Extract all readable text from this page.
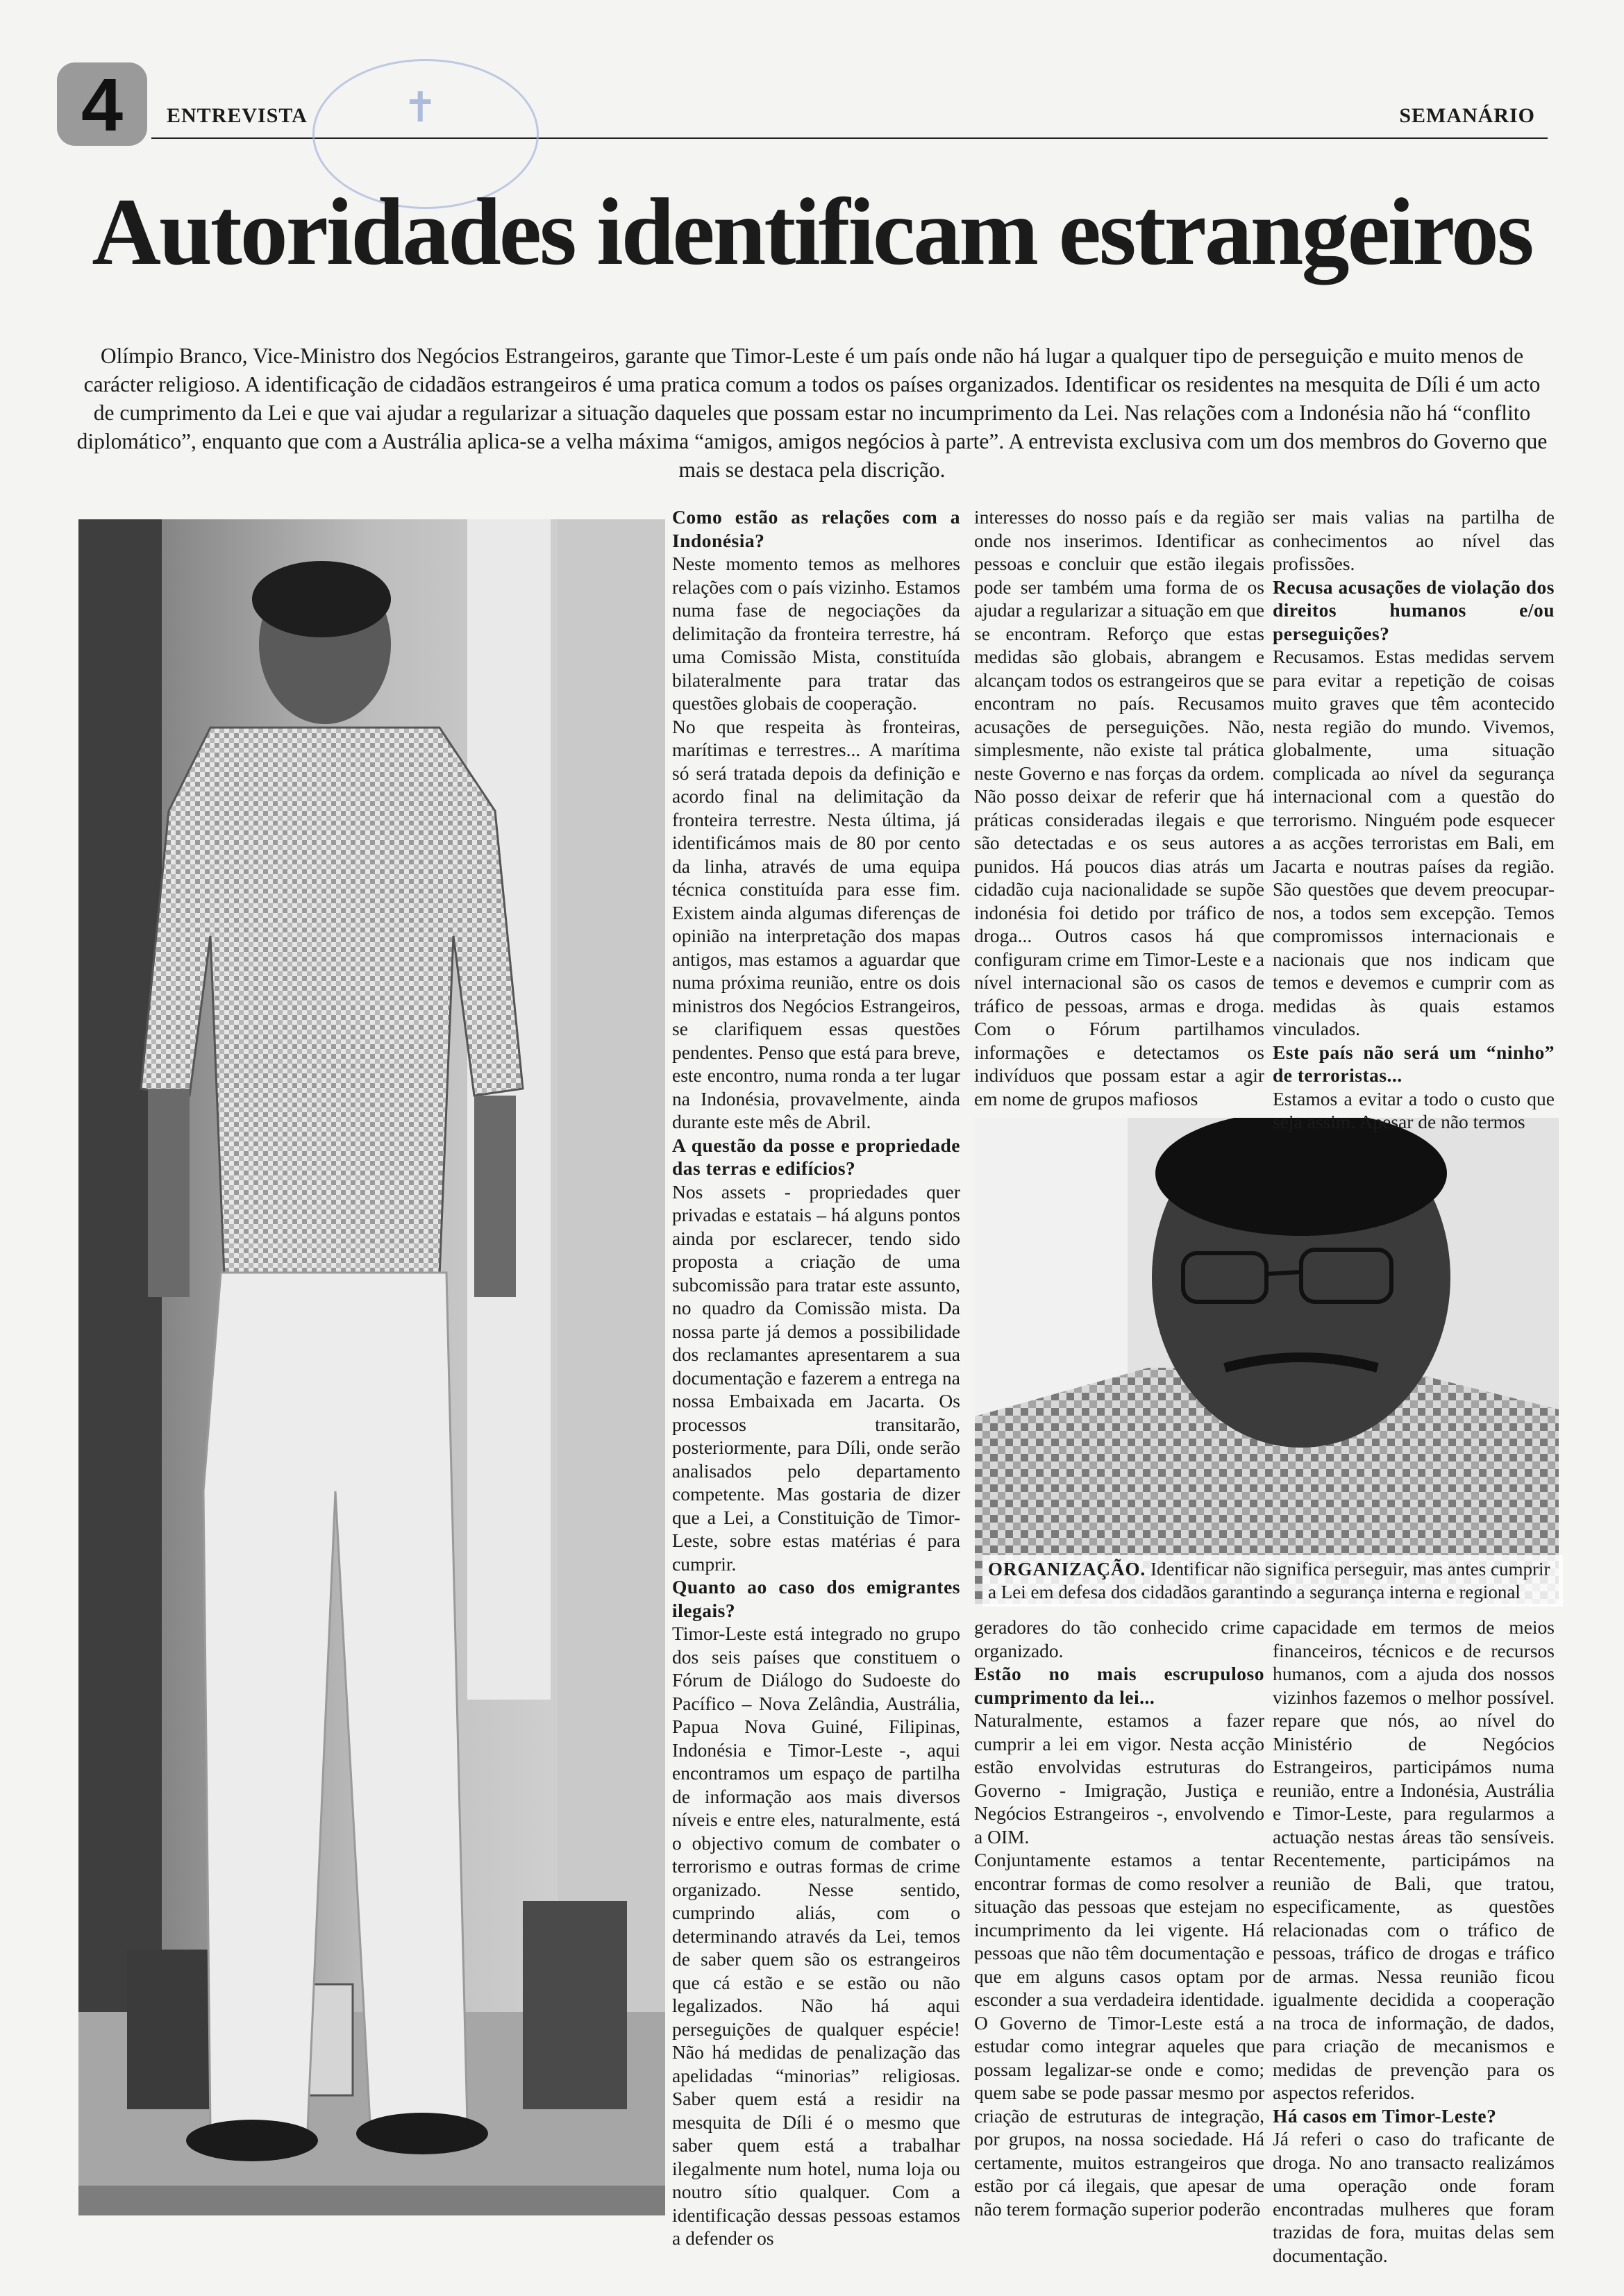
4 ENTREVISTA	SEMANÁRIO
✝
Autoridades identificam estrangeiros
Olímpio Branco, Vice-Ministro dos Negócios Estrangeiros, garante que Timor-Leste é um país onde não há lugar a qualquer tipo de perseguição e muito menos de carácter religioso. A identificação de cidadãos estrangeiros é uma pratica comum a todos os países organizados. Identificar os residentes na mesquita de Díli é um acto de cumprimento da Lei e que vai ajudar a regularizar a situação daqueles que possam estar no incumprimento da Lei. Nas relações com a Indonésia não há “conflito diplomático”, enquanto que com a Austrália aplica-se a velha máxima “amigos, amigos negócios à parte”. A entrevista exclusiva com um dos membros do Governo que mais se destaca pela discrição.
ORGANIZAÇÃO. Identificar não significa perseguir, mas antes cumprir a Lei em defesa dos cidadãos garantindo a segurança interna e regional

Como estão as relações com a Indonésia?

Neste momento temos as melhores relações com o país vizinho. Estamos numa fase de negociações da delimitação da fronteira terrestre, há uma Comissão Mista, constituída bilateralmente para tratar das questões globais de cooperação.

No que respeita às fronteiras, marítimas e terrestres... A marítima só será tratada depois da definição e acordo final na delimitação da fronteira terrestre. Nesta última, já identificámos mais de 80 por cento da linha, através de uma equipa técnica constituída para esse fim. Existem ainda algumas diferenças de opinião na interpretação dos mapas antigos, mas estamos a aguardar que numa próxima reunião, entre os dois ministros dos Negócios Estrangeiros, se clarifiquem essas questões pendentes. Penso que está para breve, este encontro, numa ronda a ter lugar na Indonésia, provavelmente, ainda durante este mês de Abril.

A questão da posse e propriedade das terras e edifícios?

Nos assets - propriedades quer privadas e estatais – há alguns pontos ainda por esclarecer, tendo sido proposta a criação de uma subcomissão para tratar este assunto, no quadro da Comissão mista. Da nossa parte já demos a possibilidade dos reclamantes apresentarem a sua documentação e fazerem a entrega na nossa Embaixada em Jacarta. Os processos transitarão, posteriormente, para Díli, onde serão analisados pelo departamento competente. Mas gostaria de dizer que a Lei, a Constituição de Timor-Leste, sobre estas matérias é para cumprir.

Quanto ao caso dos emigrantes ilegais?

Timor-Leste está integrado no grupo dos seis países que constituem o Fórum de Diálogo do Sudoeste do Pacífico – Nova Zelândia, Austrália, Papua Nova Guiné, Filipinas, Indonésia e Timor-Leste -, aqui encontramos um espaço de partilha de informação aos mais diversos níveis e entre eles, naturalmente, está o objectivo comum de combater o terrorismo e outras formas de crime organizado. Nesse sentido, cumprindo aliás, com o determinando através da Lei, temos de saber quem são os estrangeiros que cá estão e se estão ou não legalizados. Não há aqui perseguições de qualquer espécie! Não há medidas de penalização das apelidadas “minorias” religiosas. Saber quem está a residir na mesquita de Díli é o mesmo que saber quem está a trabalhar ilegalmente num hotel, numa loja ou noutro sítio qualquer. Com a identificação dessas pessoas estamos a defender os

interesses do nosso país e da região onde nos inserimos. Identificar as pessoas e concluir que estão ilegais pode ser também uma forma de os ajudar a regularizar a situação em que se encontram. Reforço que estas medidas são globais, abrangem e alcançam todos os estrangeiros que se encontram no país. Recusamos acusações de perseguições. Não, simplesmente, não existe tal prática neste Governo e nas forças da ordem. Não posso deixar de referir que há práticas consideradas ilegais e que são detectadas e os seus autores punidos. Há poucos dias atrás um cidadão cuja nacionalidade se supõe indonésia foi detido por tráfico de droga... Outros casos há que configuram crime em Timor-Leste e a nível internacional são os casos de tráfico de pessoas, armas e droga. Com o Fórum partilhamos informações e detectamos os indivíduos que possam estar a agir em nome de grupos mafiosos

ser mais valias na partilha de conhecimentos ao nível das profissões.

Recusa acusações de violação dos direitos humanos e/ou perseguições?

Recusamos. Estas medidas servem para evitar a repetição de coisas muito graves que têm acontecido nesta região do mundo. Vivemos, globalmente, uma situação complicada ao nível da segurança internacional com a questão do terrorismo. Ninguém pode esquecer a as acções terroristas em Bali, em Jacarta e noutras países da região. São questões que devem preocupar-nos, a todos sem excepção. Temos compromissos internacionais e nacionais que nos indicam que temos e devemos e cumprir com as medidas às quais estamos vinculados.

Este país não será um “ninho” de terroristas...

Estamos a evitar a todo o custo que seja assim. Apesar de não termos

geradores do tão conhecido crime organizado.

Estão no mais escrupuloso cumprimento da lei...

Naturalmente, estamos a fazer cumprir a lei em vigor. Nesta acção estão envolvidas estruturas do Governo - Imigração, Justiça e Negócios Estrangeiros -, envolvendo a OIM.

Conjuntamente estamos a tentar encontrar formas de como resolver a situação das pessoas que estejam no incumprimento da lei vigente. Há pessoas que não têm documentação e que em alguns casos optam por esconder a sua verdadeira identidade. O Governo de Timor-Leste está a estudar como integrar aqueles que possam legalizar-se onde e como; quem sabe se pode passar mesmo por criação de estruturas de integração, por grupos, na nossa sociedade. Há certamente, muitos estrangeiros que estão por cá ilegais, que apesar de não terem formação superior poderão

capacidade em termos de meios financeiros, técnicos e de recursos humanos, com a ajuda dos nossos vizinhos fazemos o melhor possível. repare que nós, ao nível do Ministério de Negócios Estrangeiros, participámos numa reunião, entre a Indonésia, Austrália e Timor-Leste, para regularmos a actuação nestas áreas tão sensíveis. Recentemente, participámos na reunião de Bali, que tratou, especificamente, as questões relacionadas com o tráfico de pessoas, tráfico de drogas e tráfico de armas. Nessa reunião ficou igualmente decidida a cooperação na troca de informação, de dados, para criação de mecanismos e medidas de prevenção para os aspectos referidos.

Há casos em Timor-Leste?

Já referi o caso do traficante de droga. No ano transacto realizámos uma operação onde foram encontradas mulheres que foram trazidas de fora, muitas delas sem documentação.
